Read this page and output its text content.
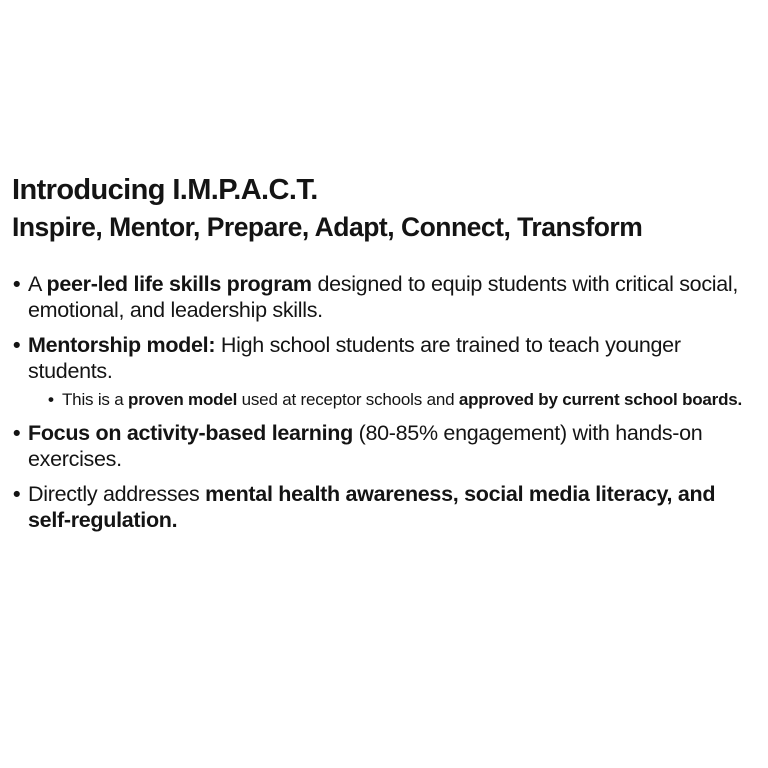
Introducing I.M.P.A.C.T.
Inspire, Mentor, Prepare, Adapt, Connect, Transform
• A peer-led life skills program designed to equip students with critical social, emotional, and leadership skills.
• Mentorship model: High school students are trained to teach younger students.
• This is a proven model used at receptor schools and approved by current school boards.
• Focus on activity-based learning (80-85% engagement) with hands-on exercises.
• Directly addresses mental health awareness, social media literacy, and self-regulation.
